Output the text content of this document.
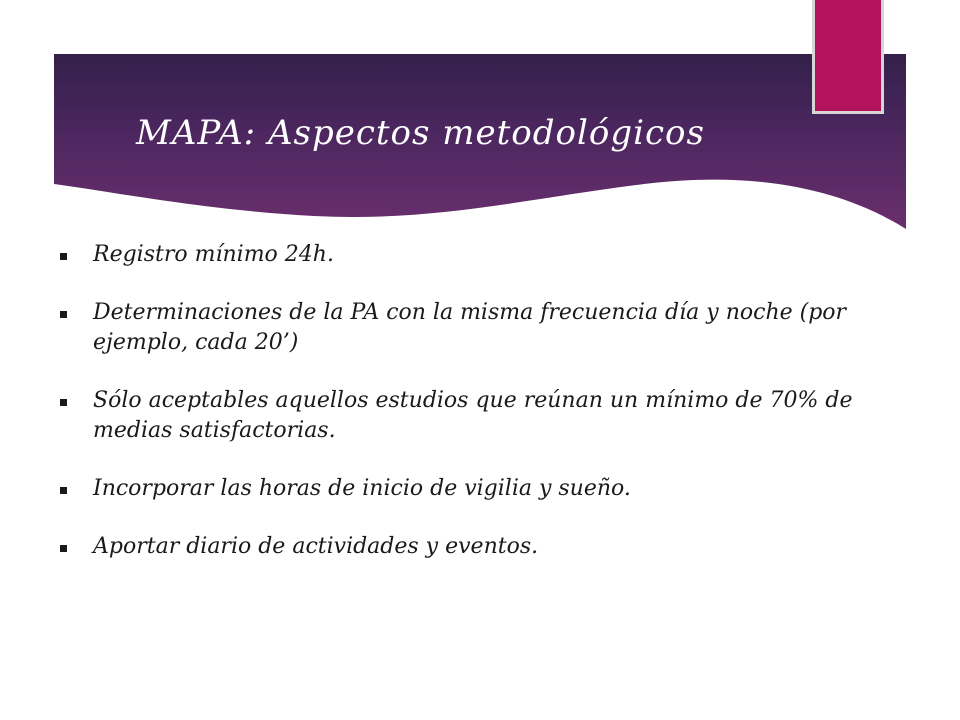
MAPA: Aspectos metodológicos
Registro mínimo 24h.
Determinaciones de la PA con la misma frecuencia día y noche (por ejemplo, cada 20’)
Sólo aceptables aquellos estudios que reúnan un mínimo de 70% de medias satisfactorias.
Incorporar las horas de inicio de vigilia y sueño.
Aportar diario de actividades y eventos.
